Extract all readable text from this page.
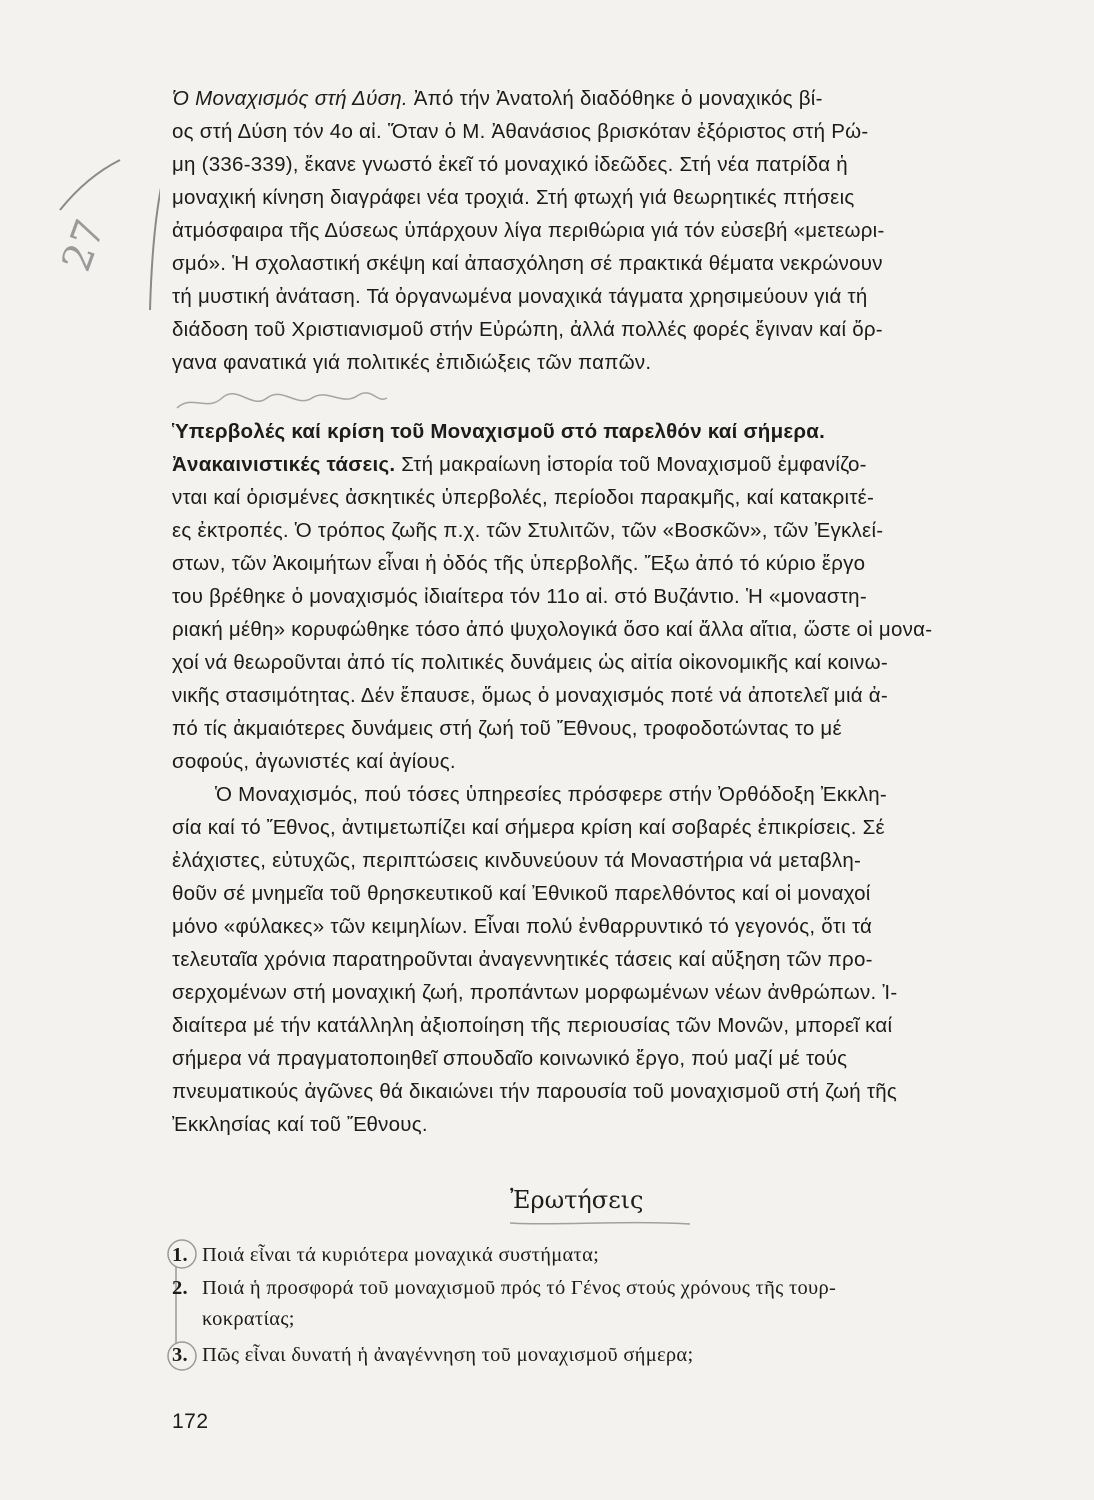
27
Ὁ Μοναχισμός στή Δύση. Ἀπό τήν Ἀνατολή διαδόθηκε ὁ μοναχικός βί-
ος στή Δύση τόν 4ο αἰ. Ὅταν ὁ Μ. Ἀθανάσιος βρισκόταν ἐξόριστος στή Ρώ-
μη (336-339), ἔκανε γνωστό ἐκεῖ τό μοναχικό ἰδεῶδες. Στή νέα πατρίδα ἡ
μοναχική κίνηση διαγράφει νέα τροχιά. Στή φτωχή γιά θεωρητικές πτήσεις
ἀτμόσφαιρα τῆς Δύσεως ὑπάρχουν λίγα περιθώρια γιά τόν εὐσεβή «μετεωρι-
σμό». Ἡ σχολαστική σκέψη καί ἀπασχόληση σέ πρακτικά θέματα νεκρώνουν
τή μυστική ἀνάταση. Τά ὀργανωμένα μοναχικά τάγματα χρησιμεύουν γιά τή
διάδοση τοῦ Χριστιανισμοῦ στήν Εὐρώπη, ἀλλά πολλές φορές ἔγιναν καί ὄρ-
γανα φανατικά γιά πολιτικές ἐπιδιώξεις τῶν παπῶν.
Ὑπερβολές καί κρίση τοῦ Μοναχισμοῦ στό παρελθόν καί σήμερα.
Ἀνακαινιστικές τάσεις. Στή μακραίωνη ἱστορία τοῦ Μοναχισμοῦ ἐμφανίζο-
νται καί ὁρισμένες ἀσκητικές ὑπερβολές, περίοδοι παρακμῆς, καί κατακριτέ-
ες ἐκτροπές. Ὁ τρόπος ζωῆς π.χ. τῶν Στυλιτῶν, τῶν «Βοσκῶν», τῶν Ἐγκλεί-
στων, τῶν Ἀκοιμήτων εἶναι ἡ ὁδός τῆς ὑπερβολῆς. Ἔξω ἀπό τό κύριο ἔργο
του βρέθηκε ὁ μοναχισμός ἰδιαίτερα τόν 11ο αἰ. στό Βυζάντιο. Ἡ «μοναστη-
ριακή μέθη» κορυφώθηκε τόσο ἀπό ψυχολογικά ὅσο καί ἄλλα αἴτια, ὥστε οἱ μονα-
χοί νά θεωροῦνται ἀπό τίς πολιτικές δυνάμεις ὡς αἰτία οἰκονομικῆς καί κοινω-
νικῆς στασιμότητας. Δέν ἔπαυσε, ὅμως ὁ μοναχισμός ποτέ νά ἀποτελεῖ μιά ἀ-
πό τίς ἀκμαιότερες δυνάμεις στή ζωή τοῦ Ἔθνους, τροφοδοτώντας το μέ
σοφούς, ἀγωνιστές καί ἁγίους.
Ὁ Μοναχισμός, πού τόσες ὑπηρεσίες πρόσφερε στήν Ὀρθόδοξη Ἐκκλη-
σία καί τό Ἔθνος, ἀντιμετωπίζει καί σήμερα κρίση καί σοβαρές ἐπικρίσεις. Σέ
ἐλάχιστες, εὐτυχῶς, περιπτώσεις κινδυνεύουν τά Μοναστήρια νά μεταβλη-
θοῦν σέ μνημεῖα τοῦ θρησκευτικοῦ καί Ἐθνικοῦ παρελθόντος καί οἱ μοναχοί
μόνο «φύλακες» τῶν κειμηλίων. Εἶναι πολύ ἐνθαρρυντικό τό γεγονός, ὅτι τά
τελευταῖα χρόνια παρατηροῦνται ἀναγεννητικές τάσεις καί αὔξηση τῶν προ-
σερχομένων στή μοναχική ζωή, προπάντων μορφωμένων νέων ἀνθρώπων. Ἰ-
διαίτερα μέ τήν κατάλληλη ἀξιοποίηση τῆς περιουσίας τῶν Μονῶν, μπορεῖ καί
σήμερα νά πραγματοποιηθεῖ σπουδαῖο κοινωνικό ἔργο, πού μαζί μέ τούς
πνευματικούς ἀγῶνες θά δικαιώνει τήν παρουσία τοῦ μοναχισμοῦ στή ζωή τῆς
Ἐκκλησίας καί τοῦ Ἔθνους.
Ἐρωτήσεις
1. Ποιά εἶναι τά κυριότερα μοναχικά συστήματα;
2. Ποιά ἡ προσφορά τοῦ μοναχισμοῦ πρός τό Γένος στούς χρόνους τῆς τουρ-
κοκρατίας;
3. Πῶς εἶναι δυνατή ἡ ἀναγέννηση τοῦ μοναχισμοῦ σήμερα;
172
